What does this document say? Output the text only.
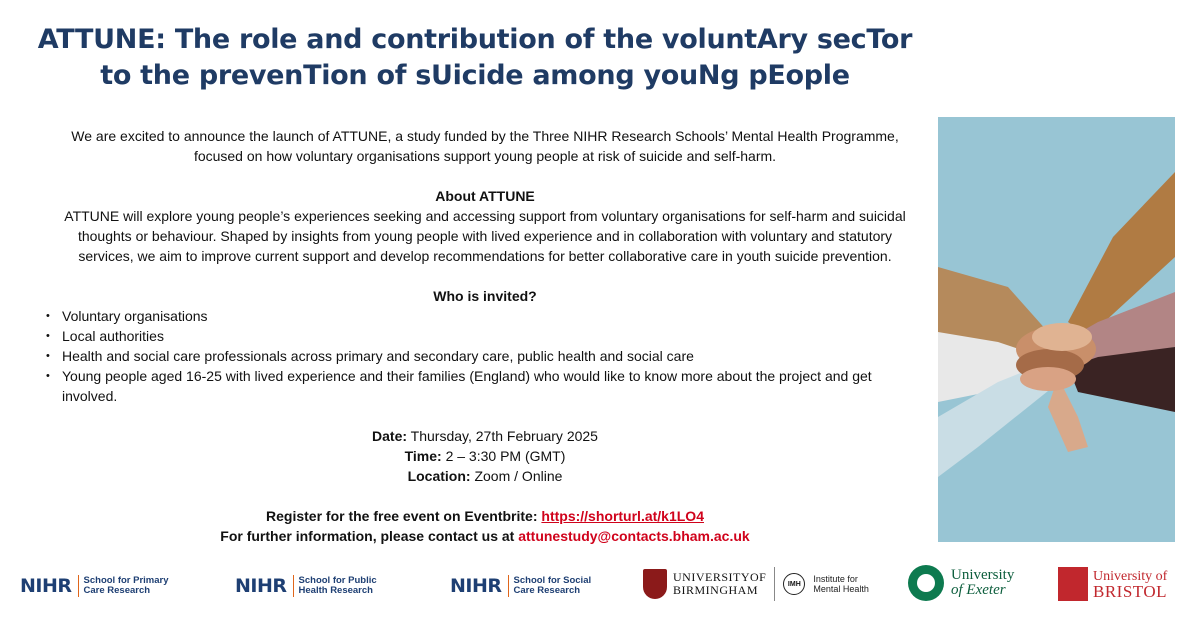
ATTUNE: The role and contribution of the voluntAry secTor
to the prevenTion of sUicide among youNg pEople
We are excited to announce the launch of ATTUNE, a study funded by the Three NIHR Research Schools’ Mental Health Programme,
focused on how voluntary organisations support young people at risk of suicide and self-harm.
About ATTUNE
ATTUNE will explore young people’s experiences seeking and accessing support from voluntary organisations for self-harm and suicidal
thoughts or behaviour. Shaped by insights from young people with lived experience and in collaboration with voluntary and statutory
services, we aim to improve current support and develop recommendations for better collaborative care in youth suicide prevention.
Who is invited?
• Voluntary organisations
• Local authorities
• Health and social care professionals across primary and secondary care, public health and social care
• Young people aged 16-25 with lived experience and their families (England) who would like to know more about the project and get involved.
Date: Thursday, 27th February 2025
Time: 2 – 3:30 PM (GMT)
Location: Zoom / Online
Register for the free event on Eventbrite: https://shorturl.at/k1LO4
For further information, please contact us at attunestudy@contacts.bham.ac.uk
NIHR	School for Primary Care Research	NIHR	School for Public Health Research	NIHR	School for Social Care Research
UNIVERSITYOF
BIRMINGHAM	IMH	Institute for Mental Health
University
of Exeter
University of
BRISTOL
